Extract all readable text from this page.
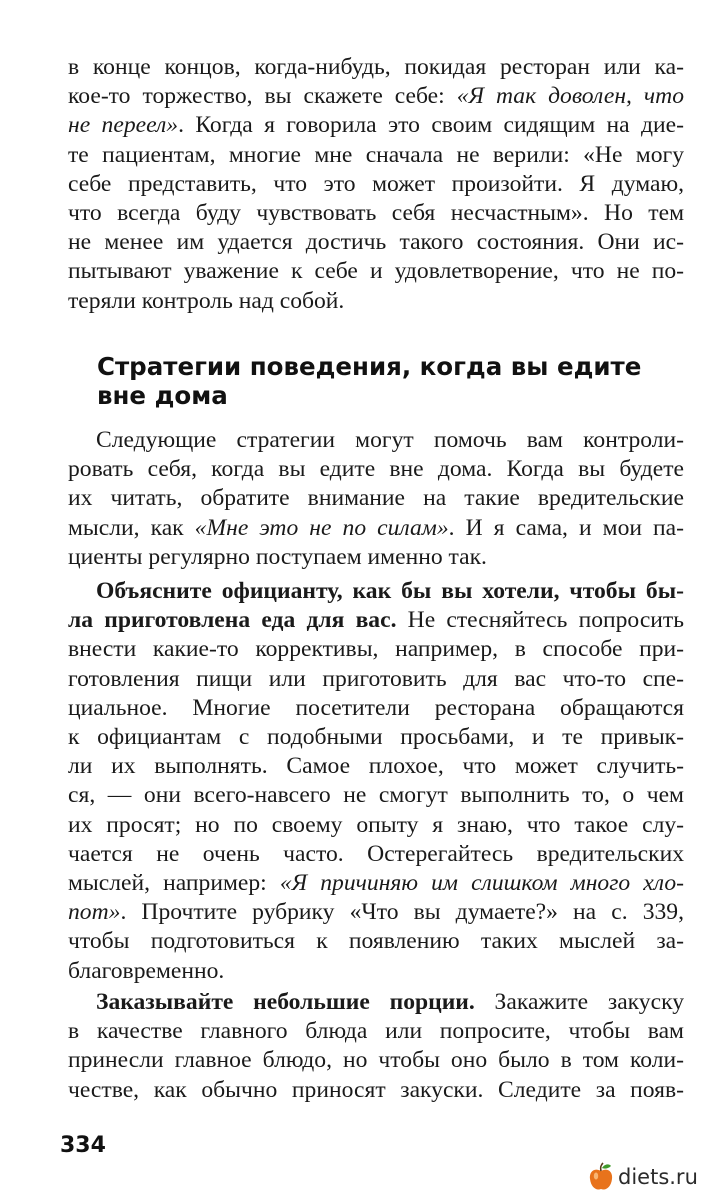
в конце концов, когда-нибудь, покидая ресторан или ка-
кое-то торжество, вы скажете себе: «Я так доволен, что
не переел». Когда я говорила это своим сидящим на дие-
те пациентам, многие мне сначала не верили: «Не могу
себе представить, что это может произойти. Я думаю,
что всегда буду чувствовать себя несчастным». Но тем
не менее им удается достичь такого состояния. Они ис-
пытывают уважение к себе и удовлетворение, что не по-
теряли контроль над собой.
Стратегии поведения, когда вы едите
вне дома
Следующие стратегии могут помочь вам контроли-
ровать себя, когда вы едите вне дома. Когда вы будете
их читать, обратите внимание на такие вредительские
мысли, как «Мне это не по силам». И я сама, и мои па-
циенты регулярно поступаем именно так.
Объясните официанту, как бы вы хотели, чтобы бы-
ла приготовлена еда для вас. Не стесняйтесь попросить
внести какие-то коррективы, например, в способе при-
готовления пищи или приготовить для вас что-то спе-
циальное. Многие посетители ресторана обращаются
к официантам с подобными просьбами, и те привык-
ли их выполнять. Самое плохое, что может случить-
ся, — они всего-навсего не смогут выполнить то, о чем
их просят; но по своему опыту я знаю, что такое слу-
чается не очень часто. Остерегайтесь вредительских
мыслей, например: «Я причиняю им слишком много хло-
пот». Прочтите рубрику «Что вы думаете?» на с. 339,
чтобы подготовиться к появлению таких мыслей за-
благовременно.
Заказывайте небольшие порции. Закажите закуску
в качестве главного блюда или попросите, чтобы вам
принесли главное блюдо, но чтобы оно было в том коли-
честве, как обычно приносят закуски. Следите за появ-
334
diets.ru
